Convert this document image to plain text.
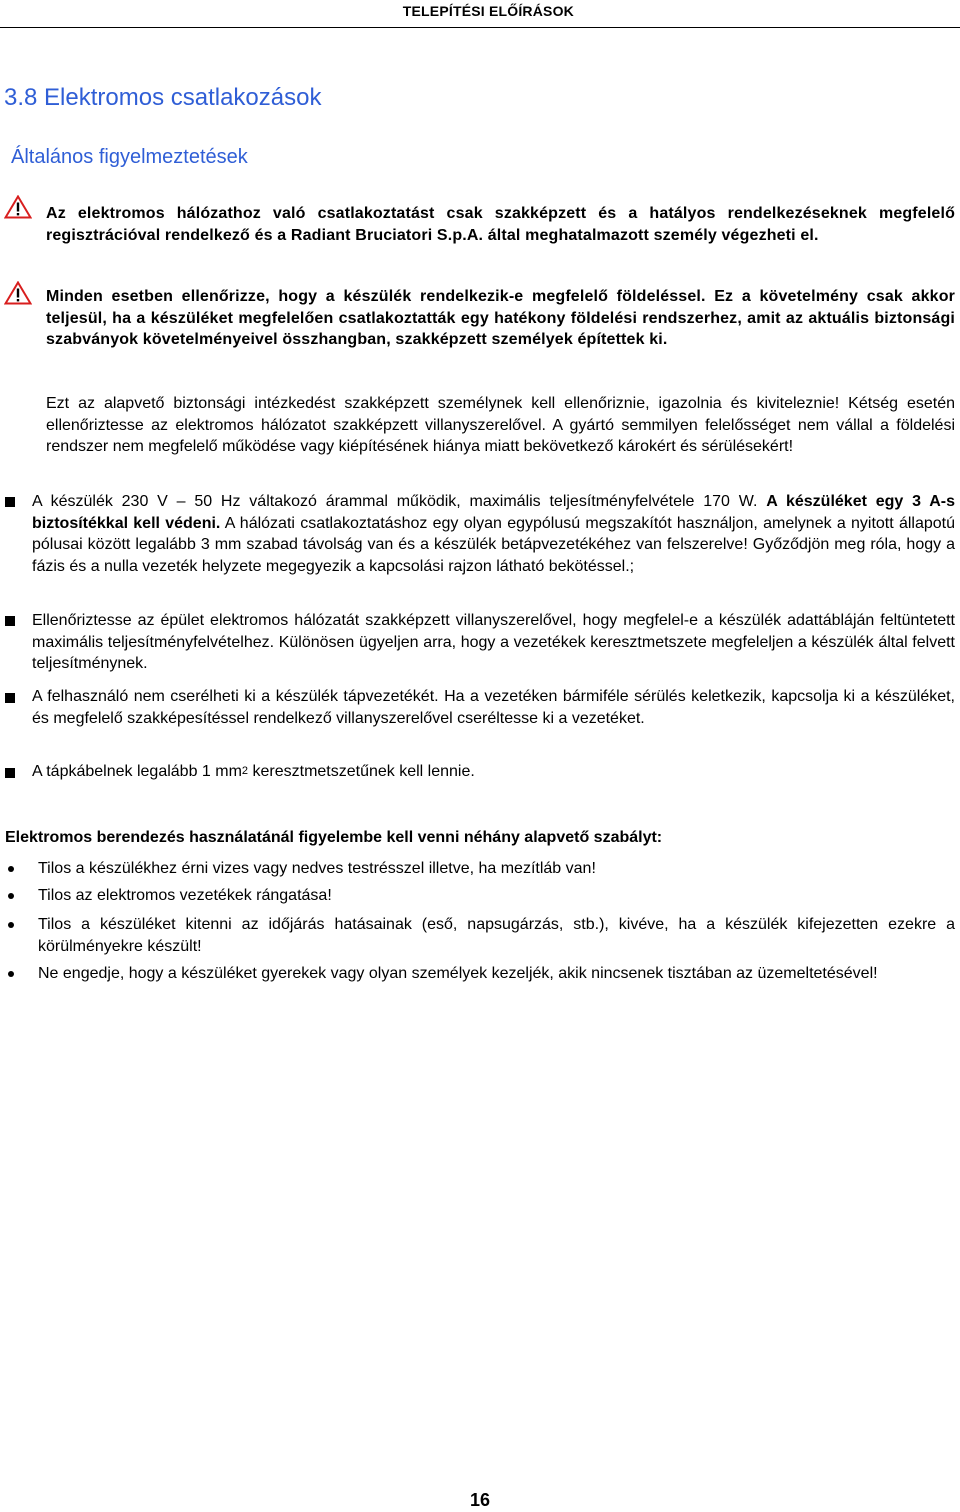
TELEPÍTÉSI ELŐÍRÁSOK
3.8 Elektromos csatlakozások
Általános figyelmeztetések

Az elektromos hálózathoz való csatlakoztatást csak szakképzett és a hatályos rendelkezéseknek megfelelő regisztrációval rendelkező és a Radiant Bruciatori S.p.A. által meghatalmazott személy végezheti el.

Minden esetben ellenőrizze, hogy a készülék rendelkezik-e megfelelő földeléssel. Ez a követelmény csak akkor teljesül, ha a készüléket megfelelően csatlakoztatták egy hatékony földelési rendszerhez, amit az aktuális biztonsági szabványok követelményeivel összhangban, szakképzett személyek építettek ki.

Ezt az alapvető biztonsági intézkedést szakképzett személynek kell ellenőriznie, igazolnia és kiviteleznie! Kétség esetén ellenőriztesse az elektromos hálózatot szakképzett villanyszerelővel. A gyártó semmilyen felelősséget nem vállal a földelési rendszer nem megfelelő működése vagy kiépítésének hiánya miatt bekövetkező károkért és sérülésekért!

A készülék 230 V – 50 Hz váltakozó árammal működik, maximális teljesítményfelvétele 170 W. A készüléket egy 3 A-s biztosítékkal kell védeni. A hálózati csatlakoztatáshoz egy olyan egypólusú megszakítót használjon, amelynek a nyitott állapotú pólusai között legalább 3 mm szabad távolság van és a készülék betápvezetékéhez van felszerelve! Győződjön meg róla, hogy a fázis és a nulla vezeték helyzete megegyezik a kapcsolási rajzon látható bekötéssel.;

Ellenőriztesse az épület elektromos hálózatát szakképzett villanyszerelővel, hogy megfelel-e a készülék adattábláján feltüntetett maximális teljesítményfelvételhez. Különösen ügyeljen arra, hogy a vezetékek keresztmetszete megfeleljen a készülék által felvett teljesítménynek.

A felhasználó nem cserélheti ki a készülék tápvezetékét. Ha a vezetéken bármiféle sérülés keletkezik, kapcsolja ki a készüléket, és megfelelő szakképesítéssel rendelkező villanyszerelővel cseréltesse ki a vezetéket.

A tápkábelnek legalább 1 $mm^2$ keresztmetszetűnek kell lennie.

Elektromos berendezés használatánál figyelembe kell venni néhány alapvető szabályt:

Tilos a készülékhez érni vizes vagy nedves testrésszel illetve, ha mezítláb van!

Tilos az elektromos vezetékek rángatása!

Tilos a készüléket kitenni az időjárás hatásainak (eső, napsugárzás, stb.), kivéve, ha a készülék kifejezetten ezekre a körülményekre készült!

Ne engedje, hogy a készüléket gyerekek vagy olyan személyek kezeljék, akik nincsenek tisztában az üzemeltetésével!

16
